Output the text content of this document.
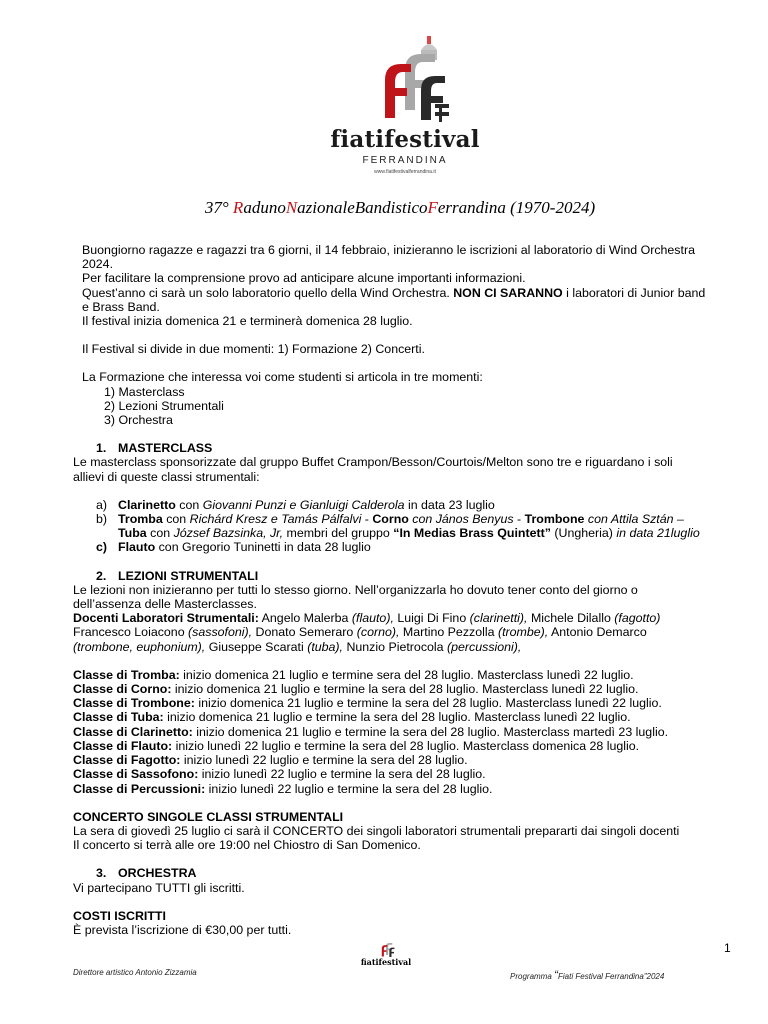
fiatifestival
FERRANDINA
www.fiatifestivalferrandina.it
37° RadunoNazionaleBandisticoFerrandina (1970-2024)

Buongiorno ragazze e ragazzi tra 6 giorni, il 14 febbraio, inizieranno le iscrizioni al laboratorio di Wind Orchestra

2024.

Per facilitare la comprensione provo ad anticipare alcune importanti informazioni.

Quest’anno ci sarà un solo laboratorio quello della Wind Orchestra. NON CI SARANNO i laboratori di Junior band

e Brass Band.

Il festival inizia domenica 21 e terminerà domenica 28 luglio.

Il Festival si divide in due momenti: 1) Formazione 2) Concerti.

La Formazione che interessa voi come studenti si articola in tre momenti:

1) Masterclass
2) Lezioni Strumentali
3) Orchestra
1. MASTERCLASS

Le masterclass sponsorizzate dal gruppo Buffet Crampon/Besson/Courtois/Melton sono tre e riguardano i soli

allievi di queste classi strumentali:

a) Clarinetto con Giovanni Punzi e Gianluigi Calderola in data 23 luglio
b) Tromba con Richárd Kresz e Tamás Pálfalvi - Corno con János Benyus - Trombone con Attila Sztán –
Tuba con József Bazsinka, Jr, membri del gruppo “In Medias Brass Quintett” (Ungheria) in data 21luglio
c) Flauto con Gregorio Tuninetti in data 28 luglio
2. LEZIONI STRUMENTALI

Le lezioni non inizieranno per tutti lo stesso giorno. Nell’organizzarla ho dovuto tener conto del giorno o

dell’assenza delle Masterclasses.

Docenti Laboratori Strumentali: Angelo Malerba (flauto), Luigi Di Fino (clarinetti), Michele Dilallo (fagotto)

Francesco Loiacono (sassofoni), Donato Semeraro (corno), Martino Pezzolla (trombe), Antonio Demarco

(trombone, euphonium), Giuseppe Scarati (tuba), Nunzio Pietrocola (percussioni),

Classe di Tromba: inizio domenica 21 luglio e termine sera del 28 luglio. Masterclass lunedì 22 luglio.

Classe di Corno: inizio domenica 21 luglio e termine la sera del 28 luglio. Masterclass lunedì 22 luglio.

Classe di Trombone: inizio domenica 21 luglio e termine la sera del 28 luglio. Masterclass lunedì 22 luglio.

Classe di Tuba: inizio domenica 21 luglio e termine la sera del 28 luglio. Masterclass lunedì 22 luglio.

Classe di Clarinetto: inizio domenica 21 luglio e termine la sera del 28 luglio. Masterclass martedì 23 luglio.

Classe di Flauto: inizio lunedì 22 luglio e termine la sera del 28 luglio. Masterclass domenica 28 luglio.

Classe di Fagotto: inizio lunedì 22 luglio e termine la sera del 28 luglio.

Classe di Sassofono: inizio lunedì 22 luglio e termine la sera del 28 luglio.

Classe di Percussioni: inizio lunedì 22 luglio e termine la sera del 28 luglio.

CONCERTO SINGOLE CLASSI STRUMENTALI

La sera di giovedì 25 luglio ci sarà il CONCERTO dei singoli laboratori strumentali prepararti dai singoli docenti

Il concerto si terrà alle ore 19:00 nel Chiostro di San Domenico.

3. ORCHESTRA

Vi partecipano TUTTI gli iscritti.

COSTI ISCRITTI

È prevista l’iscrizione di €30,00 per tutti.

1
fiatifestival
Direttore artistico Antonio Zizzamia	Programma “Fiati Festival Ferrandina”2024
